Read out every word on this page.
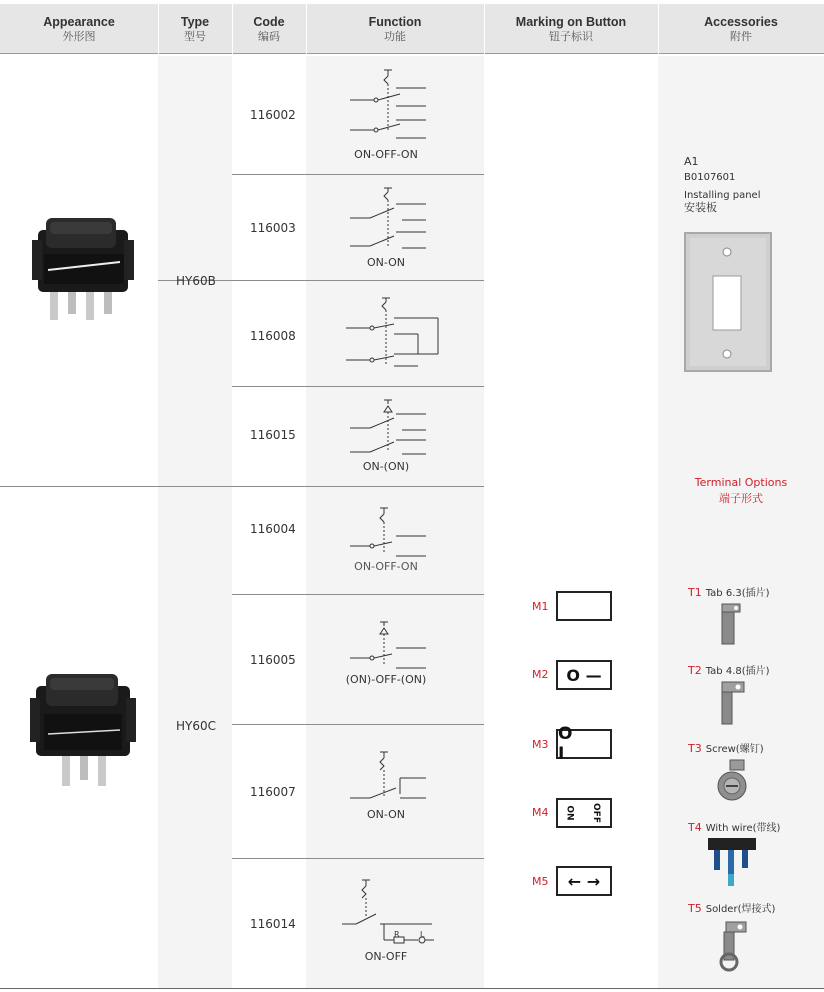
Appearance
外形图
Type
型号
Code
编码
Function
功能
Marking on Button
钮子标识
Accessories
附件
HY60B
HY60C
116002
116003
116008
116015
116004
116005
116007
116014
ON-OFF-ON
ON-ON
ON-(ON)
ON-OFF-ON
(ON)-OFF-(ON)
ON-ON
R	L
ON-OFF
M1
M2 O —
M3
O I
M4 ON OFF
M5 ← →
A1
B0107601
Installing panel
安装板
Terminal Options
端子形式
T1 Tab 6.3(插片)
T2 Tab 4.8(插片)
T3 Screw(螺钉)
T4 With wire(带线)
T5 Solder(焊接式)
